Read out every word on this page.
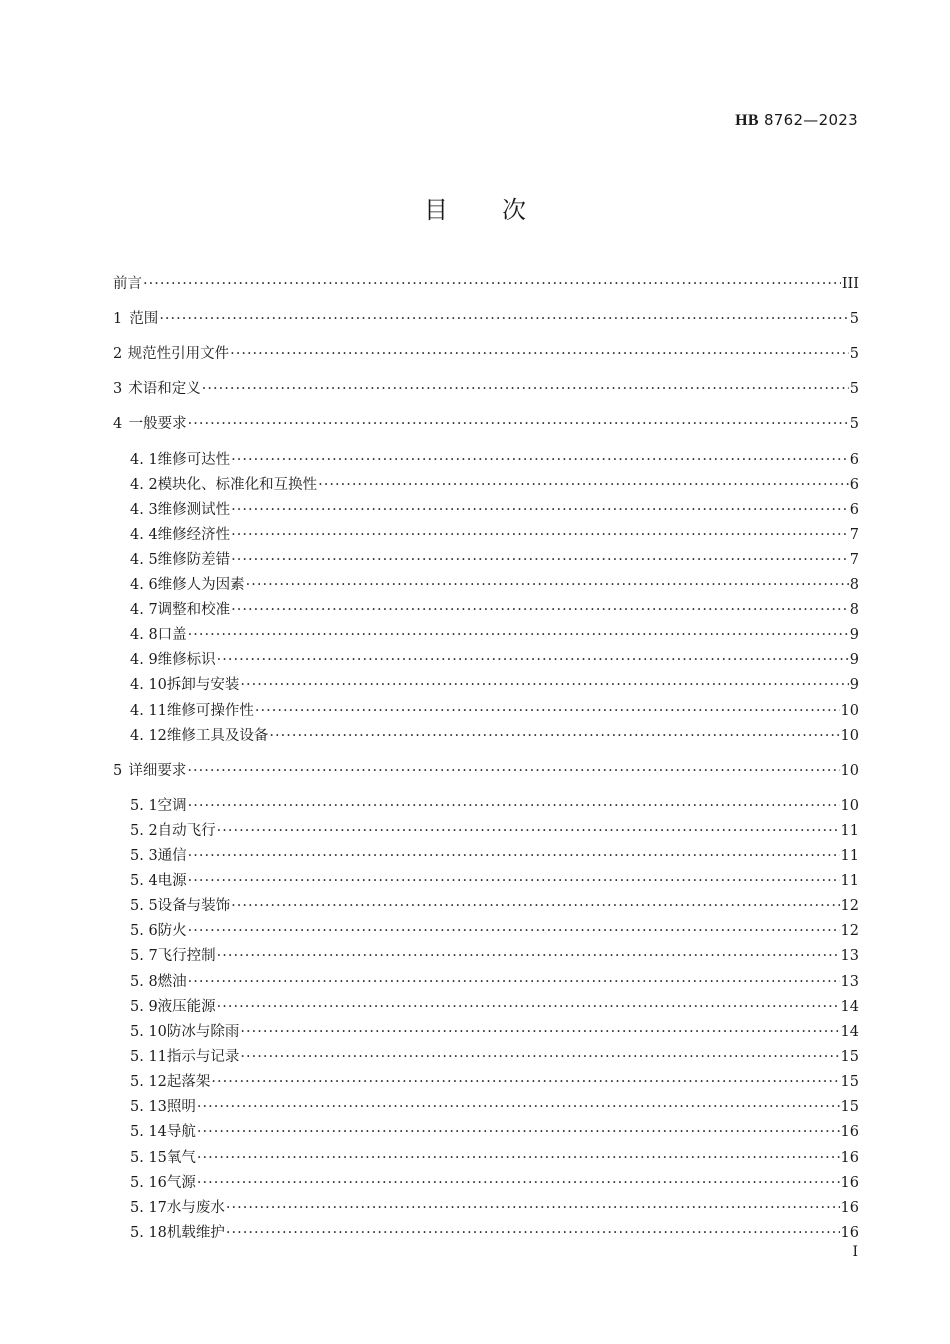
HB 8762—2023
目次
前言 ·····	III
1 范围 ·····	5
2 规范性引用文件 ·····	5
3 术语和定义 ·····	5
4 一般要求 ·····	5
4. 1 维修可达性 ·····	6
4. 2 模块化、标准化和互换性 ·····	6
4. 3 维修测试性 ·····	6
4. 4 维修经济性 ·····	7
4. 5 维修防差错 ·····	7
4. 6 维修人为因素 ·····	8
4. 7 调整和校准 ·····	8
4. 8 口盖 ·····	9
4. 9 维修标识 ·····	9
4. 10 拆卸与安装 ·····	9
4. 11 维修可操作性 ·····	10
4. 12 维修工具及设备 ·····	10
5 详细要求 ·····	10
5. 1 空调 ·····	10
5. 2 自动飞行 ·····	11
5. 3 通信 ·····	11
5. 4 电源 ·····	11
5. 5 设备与装饰 ·····	12
5. 6 防火 ·····	12
5. 7 飞行控制 ·····	13
5. 8 燃油 ·····	13
5. 9 液压能源 ·····	14
5. 10 防冰与除雨 ·····	14
5. 11 指示与记录 ·····	15
5. 12 起落架 ·····	15
5. 13 照明 ·····	15
5. 14 导航 ·····	16
5. 15 氧气 ·····	16
5. 16 气源 ·····	16
5. 17 水与废水 ·····	16
5. 18 机载维护 ·····	16
I
